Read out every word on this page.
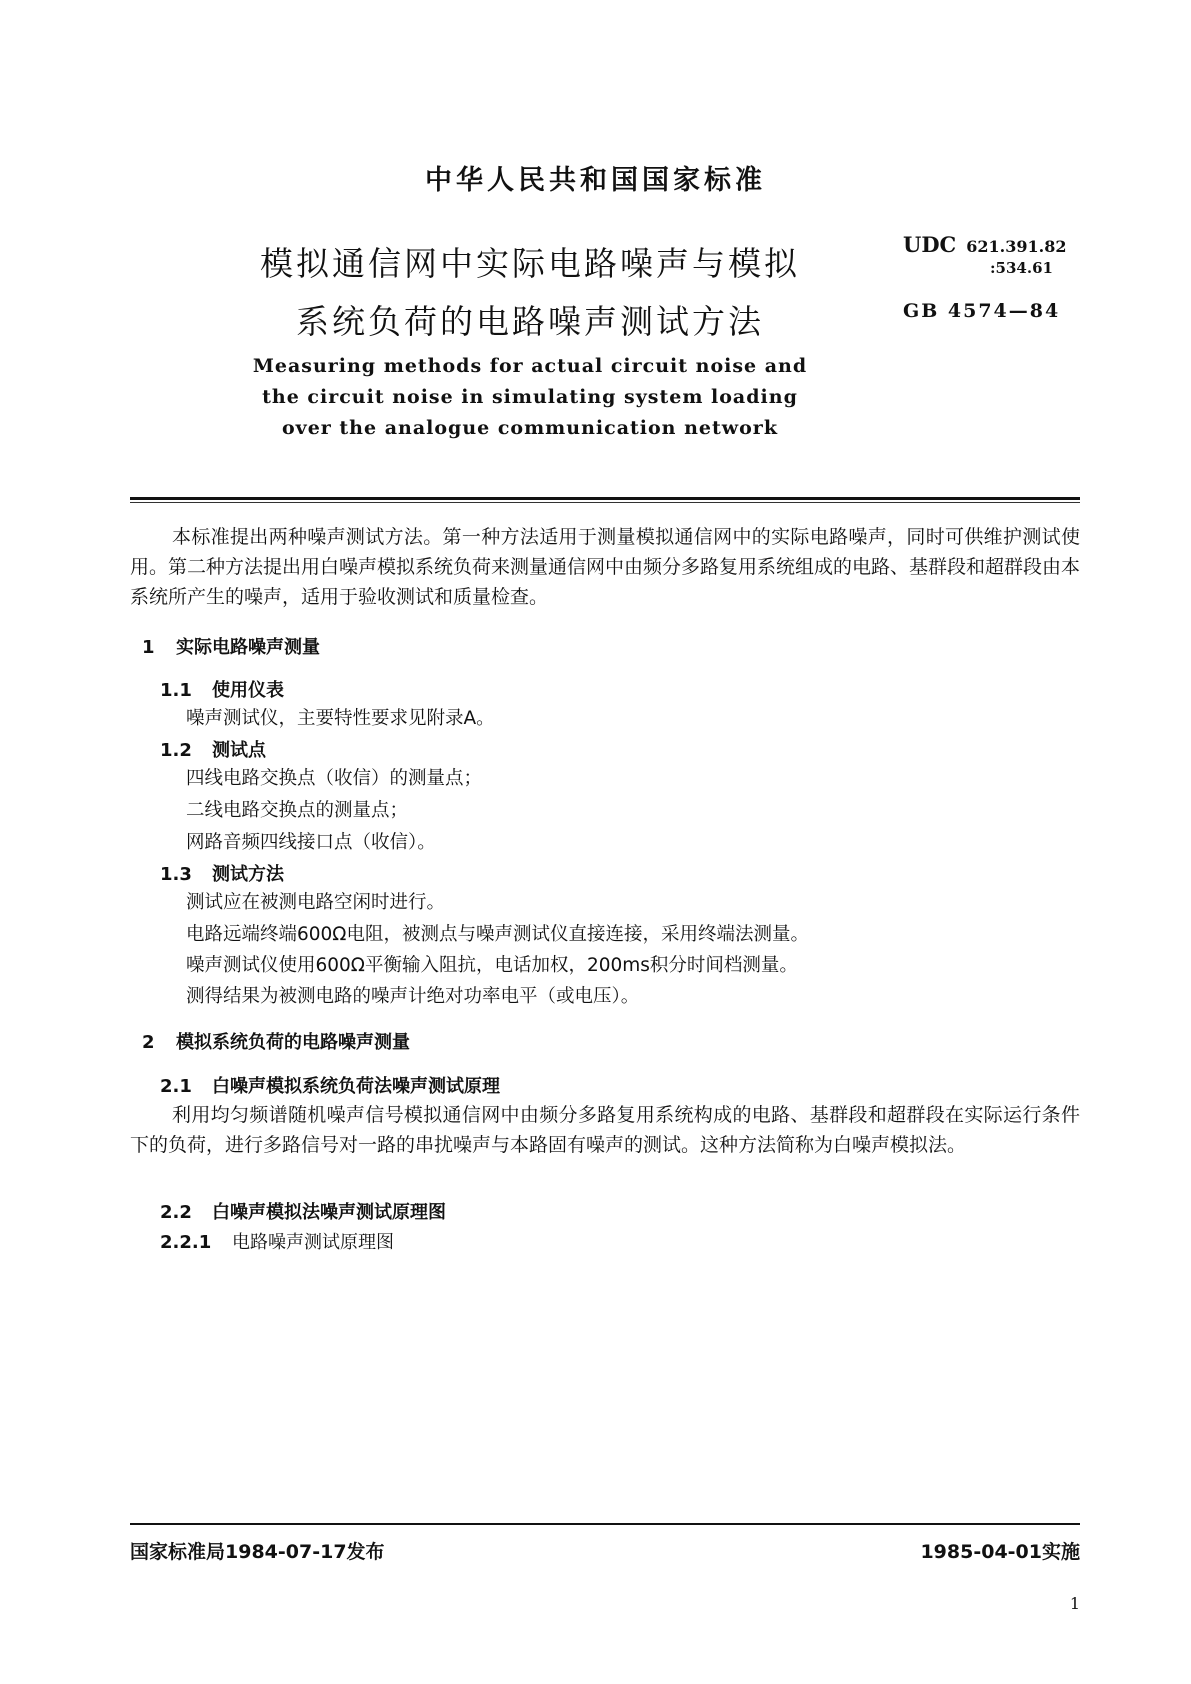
中华人民共和国国家标准
模拟通信网中实际电路噪声与模拟
系统负荷的电路噪声测试方法
UDC 621.391.82
:534.61
GB 4574—84
Measuring methods for actual circuit noise and
the circuit noise in simulating system loading
over the analogue communication network
本标准提出两种噪声测试方法。第一种方法适用于测量模拟通信网中的实际电路噪声，同时可供维护测试使用。第二种方法提出用白噪声模拟系统负荷来测量通信网中由频分多路复用系统组成的电路、基群段和超群段由本系统所产生的噪声，适用于验收测试和质量检查。
1 实际电路噪声测量
1.1 使用仪表
噪声测试仪，主要特性要求见附录A。
1.2 测试点
四线电路交换点（收信）的测量点；
二线电路交换点的测量点；
网路音频四线接口点（收信）。
1.3 测试方法
测试应在被测电路空闲时进行。
电路远端终端600Ω电阻，被测点与噪声测试仪直接连接，采用终端法测量。
噪声测试仪使用600Ω平衡输入阻抗，电话加权，200ms积分时间档测量。
测得结果为被测电路的噪声计绝对功率电平（或电压）。
2 模拟系统负荷的电路噪声测量
2.1 白噪声模拟系统负荷法噪声测试原理
利用均匀频谱随机噪声信号模拟通信网中由频分多路复用系统构成的电路、基群段和超群段在实际运行条件下的负荷，进行多路信号对一路的串扰噪声与本路固有噪声的测试。这种方法简称为白噪声模拟法。
2.2 白噪声模拟法噪声测试原理图
2.2.1 电路噪声测试原理图
国家标准局1984-07-17发布	1985-04-01实施
1
